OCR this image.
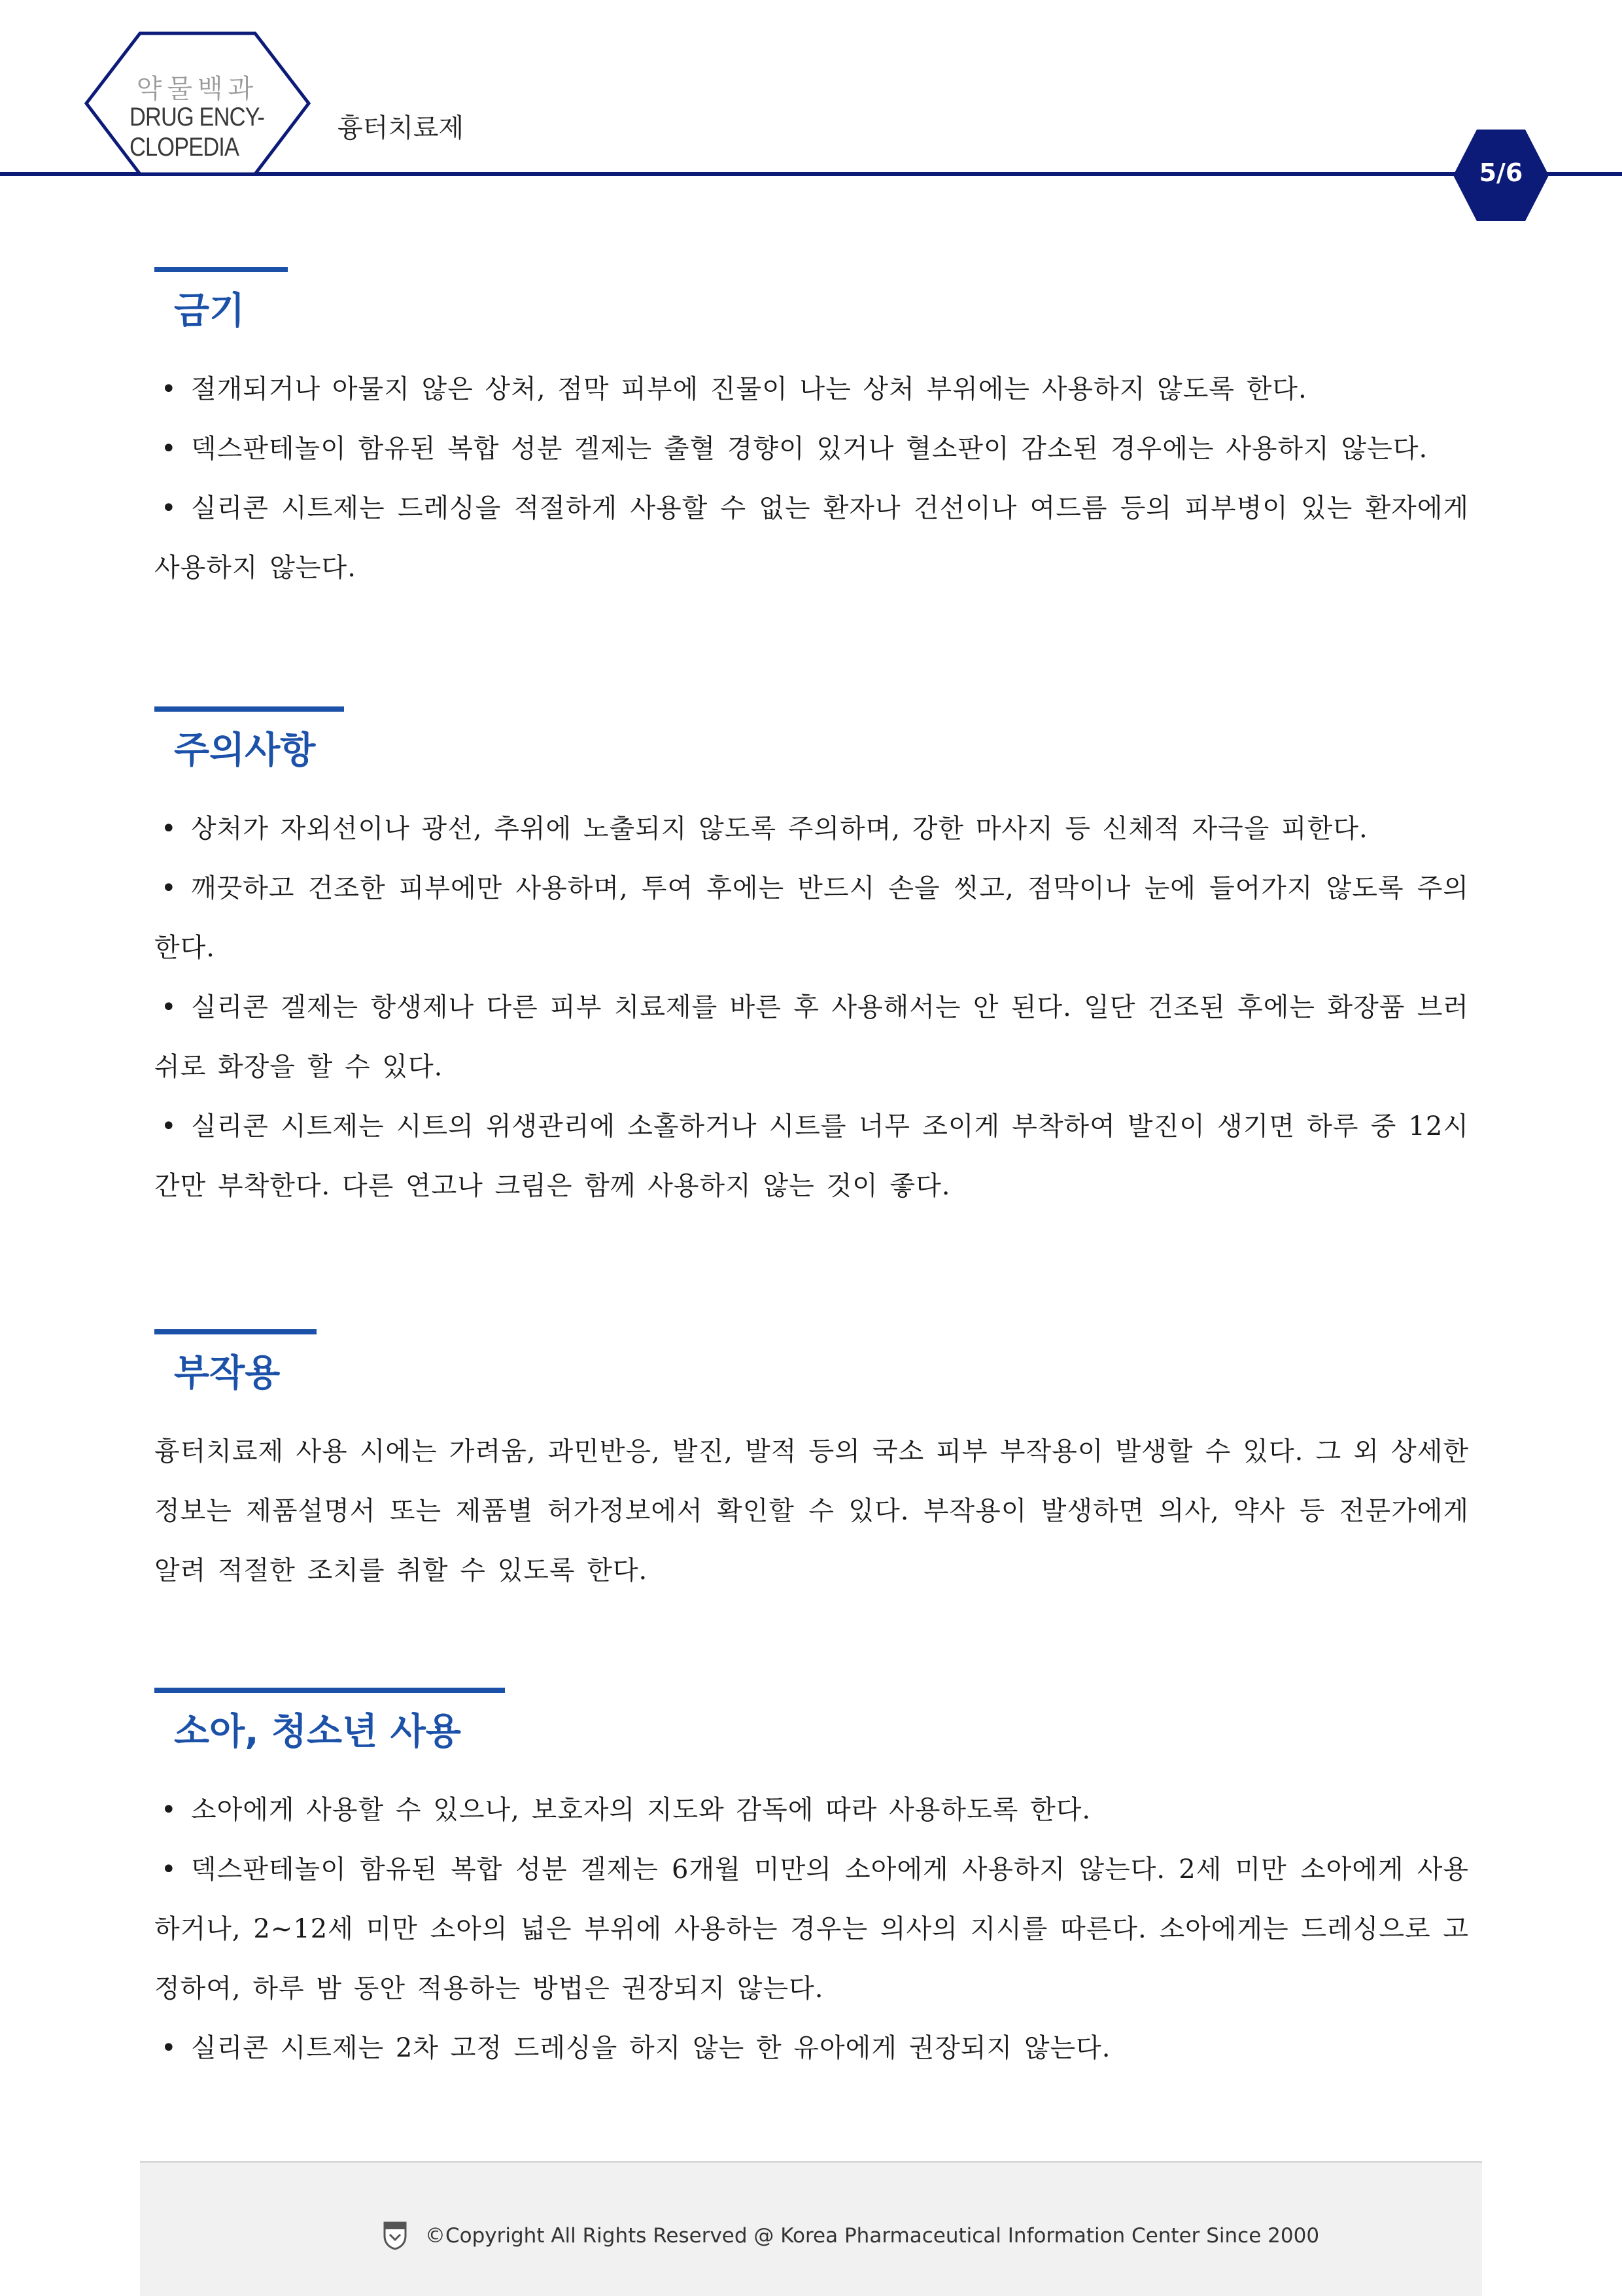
약물백과
DRUG ENCY-
CLOPEDIA
흉터치료제
5/6
금기

• 절개되거나 아물지 않은 상처, 점막 피부에 진물이 나는 상처 부위에는 사용하지 않도록 한다.

• 덱스판테놀이 함유된 복합 성분 겔제는 출혈 경향이 있거나 혈소판이 감소된 경우에는 사용하지 않는다.

• 실리콘 시트제는 드레싱을 적절하게 사용할 수 없는 환자나 건선이나 여드름 등의 피부병이 있는 환자에게 사용하지 않는다.

주의사항

• 상처가 자외선이나 광선, 추위에 노출되지 않도록 주의하며, 강한 마사지 등 신체적 자극을 피한다.

• 깨끗하고 건조한 피부에만 사용하며, 투여 후에는 반드시 손을 씻고, 점막이나 눈에 들어가지 않도록 주의한다.

• 실리콘 겔제는 항생제나 다른 피부 치료제를 바른 후 사용해서는 안 된다. 일단 건조된 후에는 화장품 브러쉬로 화장을 할 수 있다.

• 실리콘 시트제는 시트의 위생관리에 소홀하거나 시트를 너무 조이게 부착하여 발진이 생기면 하루 중 12시간만 부착한다. 다른 연고나 크림은 함께 사용하지 않는 것이 좋다.

부작용

흉터치료제 사용 시에는 가려움, 과민반응, 발진, 발적 등의 국소 피부 부작용이 발생할 수 있다. 그 외 상세한 정보는 제품설명서 또는 제품별 허가정보에서 확인할 수 있다. 부작용이 발생하면 의사, 약사 등 전문가에게 알려 적절한 조치를 취할 수 있도록 한다.

소아, 청소년 사용

• 소아에게 사용할 수 있으나, 보호자의 지도와 감독에 따라 사용하도록 한다.

• 덱스판테놀이 함유된 복합 성분 겔제는 6개월 미만의 소아에게 사용하지 않는다. 2세 미만 소아에게 사용하거나, 2~12세 미만 소아의 넓은 부위에 사용하는 경우는 의사의 지시를 따른다. 소아에게는 드레싱으로 고정하여, 하루 밤 동안 적용하는 방법은 권장되지 않는다.

• 실리콘 시트제는 2차 고정 드레싱을 하지 않는 한 유아에게 권장되지 않는다.

©Copyright All Rights Reserved @ Korea Pharmaceutical Information Center Since 2000
